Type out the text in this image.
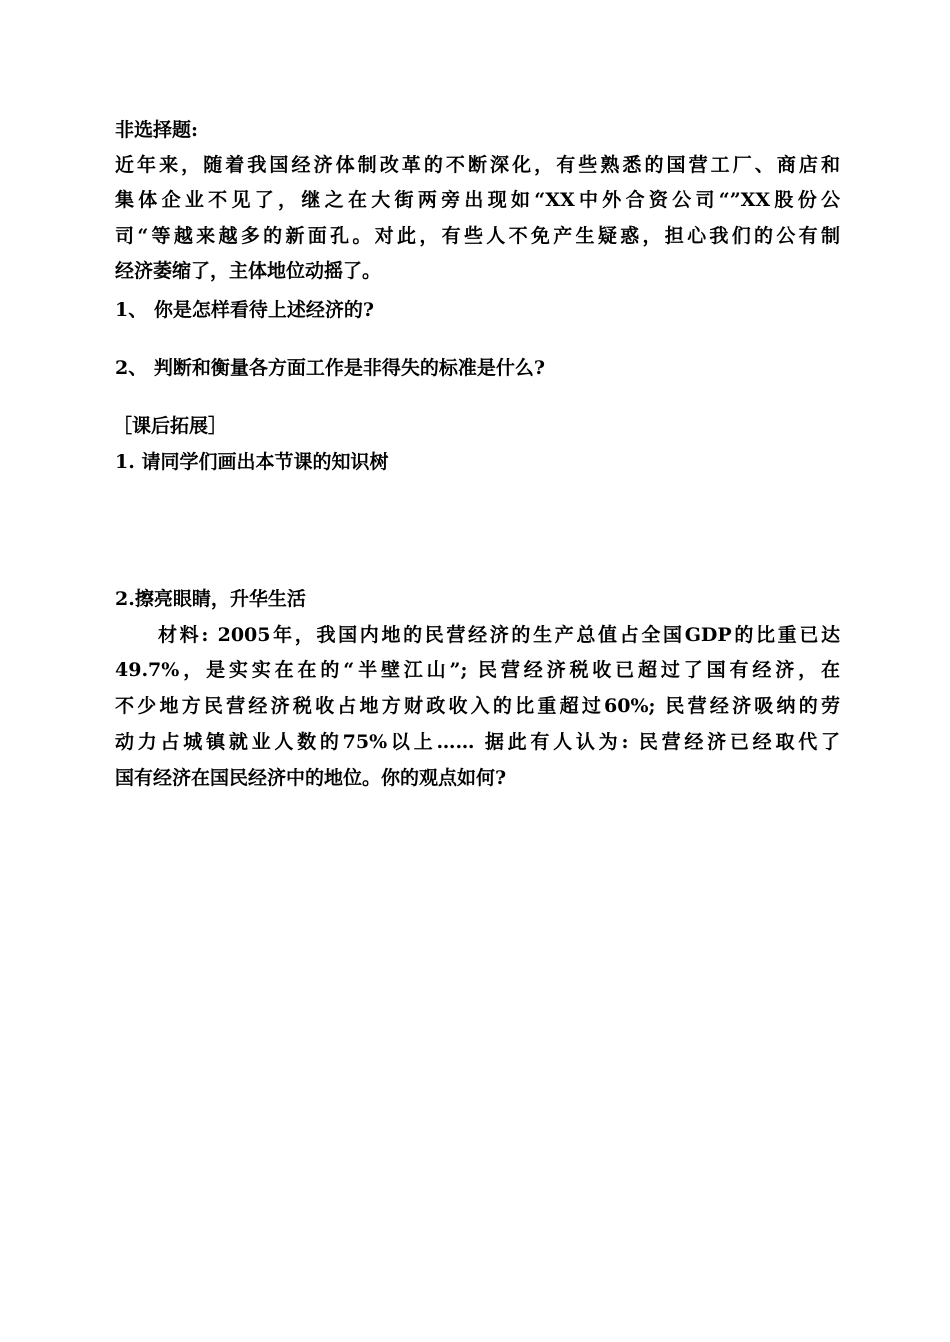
非选择题:
近年来，随着我国经济体制改革的不断深化，有些熟悉的国营工厂、商店和
集体企业不见了，继之在大街两旁出现如“XX中外合资公司“”XX股份公
司“等越来越多的新面孔。对此，有些人不免产生疑惑，担心我们的公有制
经济萎缩了，主体地位动摇了。
1、 你是怎样看待上述经济的?
2、 判断和衡量各方面工作是非得失的标准是什么?
［课后拓展］
1. 请同学们画出本节课的知识树
2.擦亮眼睛，升华生活
材料: 2005年，我国内地的民营经济的生产总值占全国GDP的比重已达
49.7%，是实实在在的“半壁江山”; 民营经济税收已超过了国有经济，在
不少地方民营经济税收占地方财政收入的比重超过60%; 民营经济吸纳的劳
动力占城镇就业人数的75%以上…… 据此有人认为: 民营经济已经取代了
国有经济在国民经济中的地位。你的观点如何?
